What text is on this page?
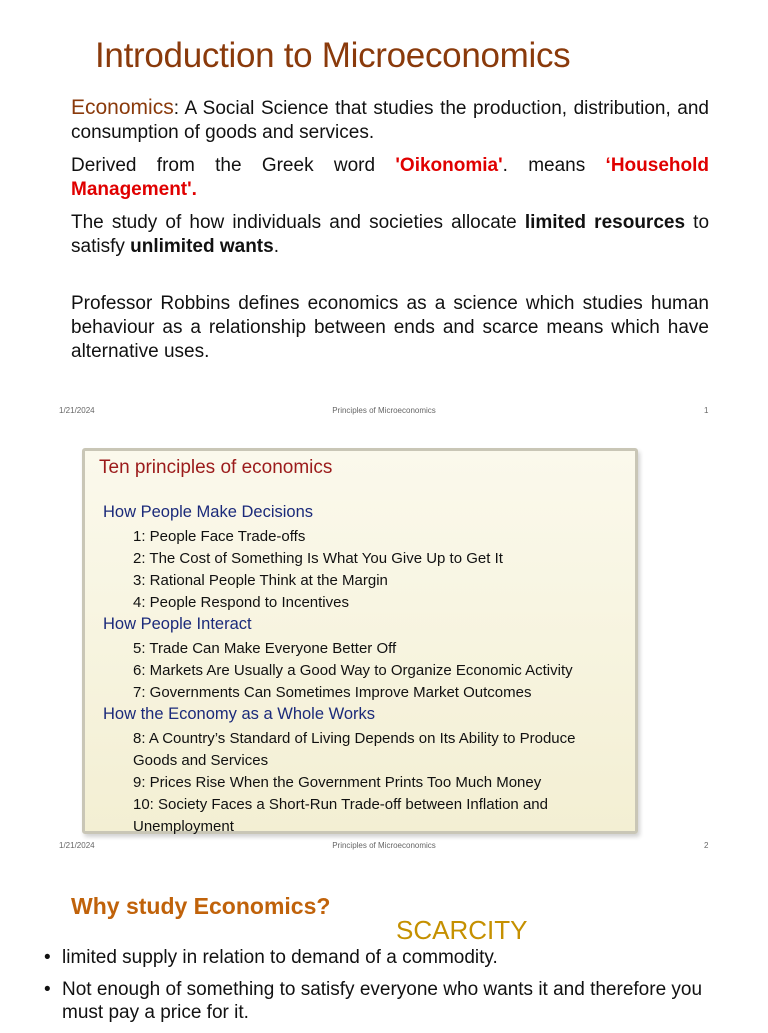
Introduction to Microeconomics

Economics: A Social Science that studies the production, distribution, and consumption of goods and services.

Derived from the Greek word 'Oikonomia'. means ‘Household Management'.

The study of how individuals and societies allocate limited resources to satisfy unlimited wants.

Professor Robbins defines economics as a science which studies human behaviour as a relationship between ends and scarce means which have alternative uses.

1/21/2024	Principles of Microeconomics	1
Ten principles of economics
How People Make Decisions
1: People Face Trade-offs
2: The Cost of Something Is What You Give Up to Get It
3: Rational People Think at the Margin
4: People Respond to Incentives
How People Interact
5: Trade Can Make Everyone Better Off
6: Markets Are Usually a Good Way to Organize Economic Activity
7: Governments Can Sometimes Improve Market Outcomes
How the Economy as a Whole Works
8: A Country’s Standard of Living Depends on Its Ability to Produce
Goods and Services
9: Prices Rise When the Government Prints Too Much Money
10: Society Faces a Short-Run Trade-off between Inflation and
Unemployment
1/21/2024	Principles of Microeconomics	2
Why study Economics?
SCARCITY
• limited supply in relation to demand of a commodity.
• Not enough of something to satisfy everyone who wants it and therefore you must pay a price for it.
